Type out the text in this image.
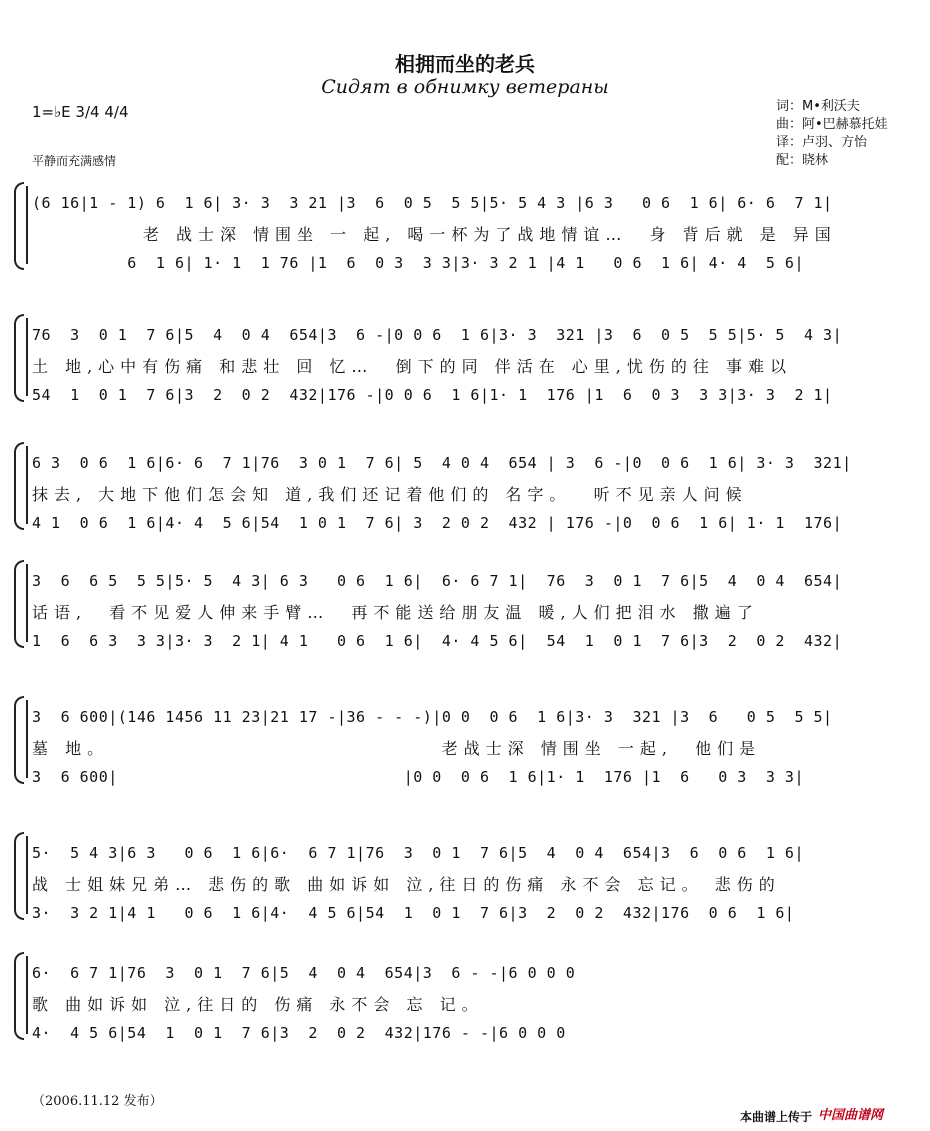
相拥而坐的老兵
Сидят в обнимку ветераны
1=♭E 3/4 4/4
平静而充满感情
词：M•利沃夫
曲：阿•巴赫慕托娃
译：卢羽、方怡
配：晓林
(6 16|1 - 1) 6  1 6| 3· 3  3 21 |3  6  0 5  5 5|5· 5 4 3 |6 3   0 6  1 6| 6· 6  7 1|
老 战士深 情围坐 一 起, 喝一杯为了战地情谊…  身 背后就 是 异国
6  1 6| 1· 1  1 76 |1  6  0 3  3 3|3· 3 2 1 |4 1   0 6  1 6| 4· 4  5 6|
76  3  0 1  7 6|5  4  0 4  654|3  6 -|0 0 6  1 6|3· 3  321 |3  6  0 5  5 5|5· 5  4 3|
土 地,心中有伤痛 和悲壮 回 忆…  倒下的同 伴活在 心里,忧伤的往 事难以
54  1  0 1  7 6|3  2  0 2  432|176 -|0 0 6  1 6|1· 1  176 |1  6  0 3  3 3|3· 3  2 1|
6 3  0 6  1 6|6· 6  7 1|76  3 0 1  7 6| 5  4 0 4  654 | 3  6 -|0  0 6  1 6| 3· 3  321|
抹去, 大地下他们怎会知 道,我们还记着他们的 名字。  听不见亲人问候
4 1  0 6  1 6|4· 4  5 6|54  1 0 1  7 6| 3  2 0 2  432 | 176 -|0  0 6  1 6| 1· 1  176|
3  6  6 5  5 5|5· 5  4 3| 6 3   0 6  1 6|  6· 6 7 1|  76  3  0 1  7 6|5  4  0 4  654|
话语,  看不见爱人伸来手臂…  再不能送给朋友温 暖,人们把泪水 撒遍了
1  6  6 3  3 3|3· 3  2 1| 4 1   0 6  1 6|  4· 4 5 6|  54  1  0 1  7 6|3  2  0 2  432|
3  6 600|(146 1456 11 23|21 17 -|36 - - -)|0 0  0 6  1 6|3· 3  321 |3  6   0 5  5 5|
墓 地。                              老战士深 情围坐 一起,  他们是
3  6 600|                              |0 0  0 6  1 6|1· 1  176 |1  6   0 3  3 3|
5·  5 4 3|6 3   0 6  1 6|6·  6 7 1|76  3  0 1  7 6|5  4  0 4  654|3  6  0 6  1 6|
战 士姐妹兄弟… 悲伤的歌 曲如诉如 泣,往日的伤痛 永不会 忘记。 悲伤的
3·  3 2 1|4 1   0 6  1 6|4·  4 5 6|54  1  0 1  7 6|3  2  0 2  432|176  0 6  1 6|
6·  6 7 1|76  3  0 1  7 6|5  4  0 4  654|3  6 - -|6 0 0 0
歌 曲如诉如 泣,往日的 伤痛 永不会 忘 记。
4·  4 5 6|54  1  0 1  7 6|3  2  0 2  432|176 - -|6 0 0 0
（2006.11.12 发布）
本曲谱上传于 中国曲谱网
